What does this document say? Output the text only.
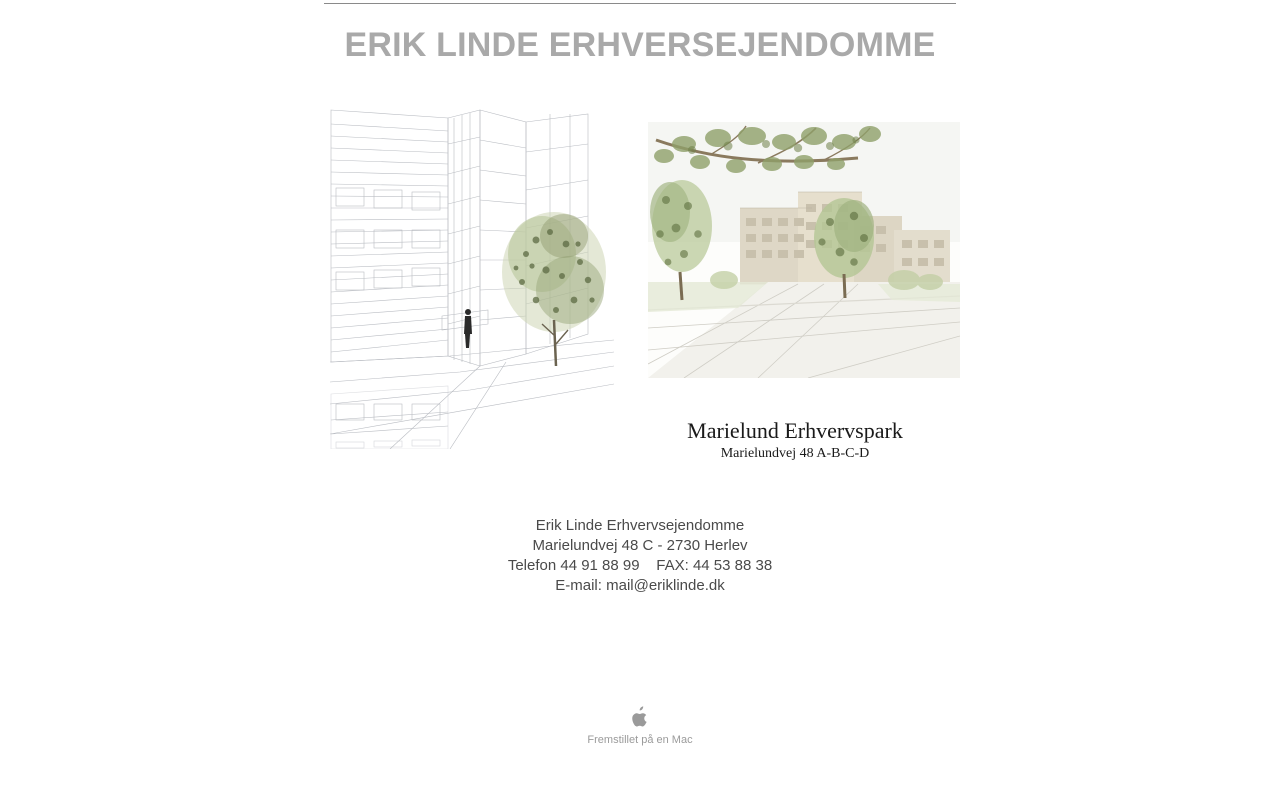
ERIK LINDE ERHVERSEJENDOMME
Marielund Erhvervspark
Marielundvej 48 A-B-C-D
Erik Linde Erhvervsejendomme
Marielundvej 48 C - 2730 Herlev
Telefon 44 91 88 99    FAX: 44 53 88 38
E-mail: mail@eriklinde.dk
Fremstillet på en Mac
